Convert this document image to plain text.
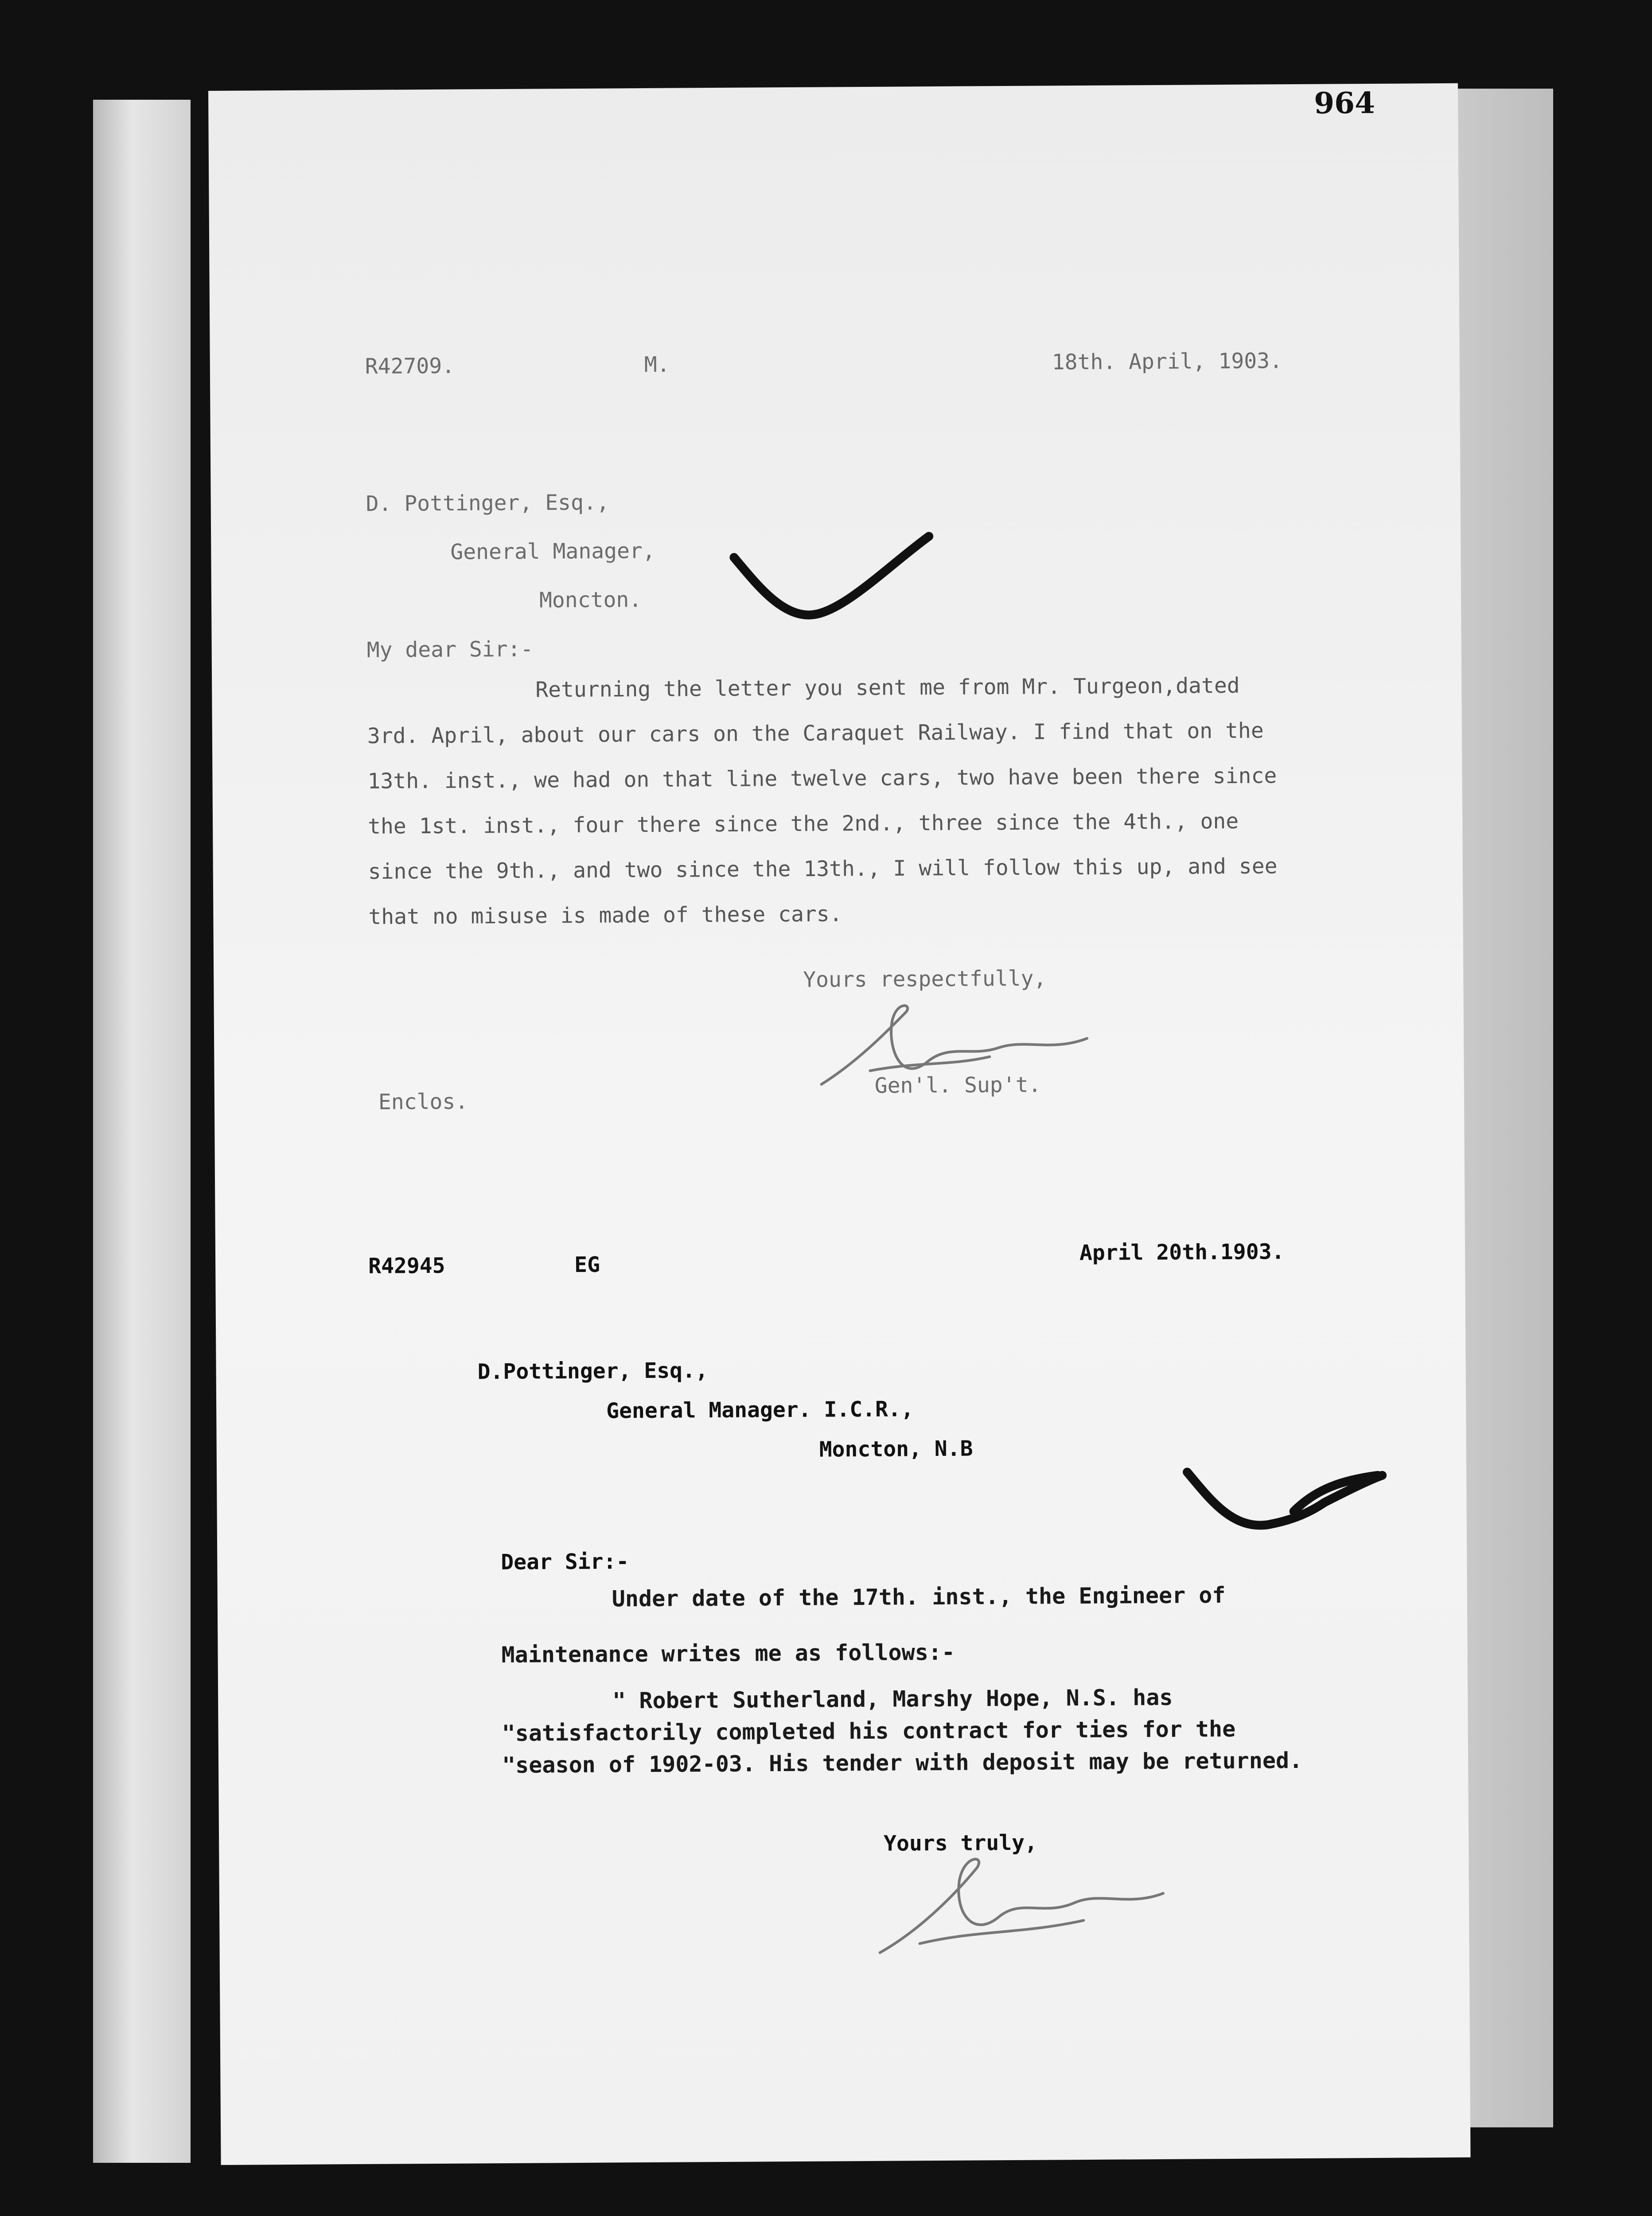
964
R42709.	M.	18th. April, 1903.
D. Pottinger, Esq.,
General Manager,
Moncton.
My dear Sir:-
Returning the letter you sent me from Mr. Turgeon,dated 3rd. April, about our cars on the Caraquet Railway. I find that on the 13th. inst., we had on that line twelve cars, two have been there since the 1st. inst., four there since the 2nd., three since the 4th., one since the 9th., and two since the 13th., I will follow this up, and see that no misuse is made of these cars.
Yours respectfully,
Enclos.
Gen'l. Sup't.
R42945	EG	April 20th.1903.
D.Pottinger, Esq.,
General Manager. I.C.R.,
Moncton, N.B
Dear Sir:-
Under date of the 17th. inst., the Engineer of
Maintenance writes me as follows:-
" Robert Sutherland, Marshy Hope, N.S. has
"satisfactorily completed his contract for ties for the
"season of 1902-03. His tender with deposit may be returned.
Yours truly,
